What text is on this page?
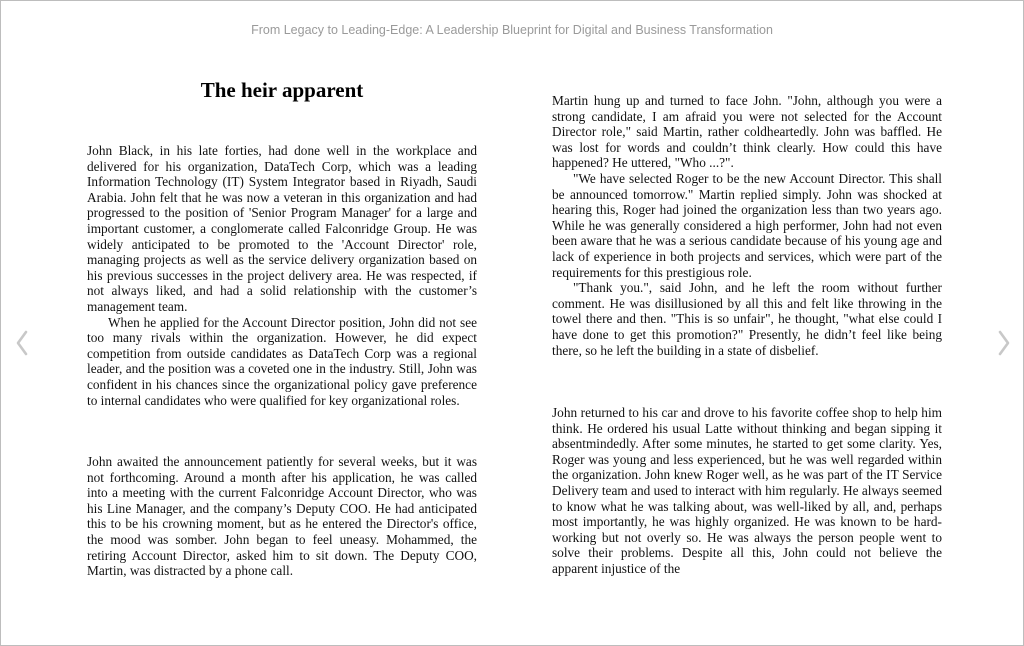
From Legacy to Leading-Edge: A Leadership Blueprint for Digital and Business Transformation
The heir apparent

John Black, in his late forties, had done well in the workplace and delivered for his organization, DataTech Corp, which was a leading Information Technology (IT) System Integrator based in Riyadh, Saudi Arabia. John felt that he was now a veteran in this organization and had progressed to the position of 'Senior Program Manager' for a large and important customer, a conglomerate called Falconridge Group. He was widely anticipated to be promoted to the 'Account Director' role, managing projects as well as the service delivery organization based on his previous successes in the project delivery area. He was respected, if not always liked, and had a solid relationship with the customer’s management team.

When he applied for the Account Director position, John did not see too many rivals within the organization. However, he did expect competition from outside candidates as DataTech Corp was a regional leader, and the position was a coveted one in the industry. Still, John was confident in his chances since the organizational policy gave preference to internal candidates who were qualified for key organizational roles.

John awaited the announcement patiently for several weeks, but it was not forthcoming. Around a month after his application, he was called into a meeting with the current Falconridge Account Director, who was his Line Manager, and the company’s Deputy COO. He had anticipated this to be his crowning moment, but as he entered the Director's office, the mood was somber. John began to feel uneasy. Mohammed, the retiring Account Director, asked him to sit down. The Deputy COO, Martin, was distracted by a phone call.

Martin hung up and turned to face John. "John, although you were a strong candidate, I am afraid you were not selected for the Account Director role," said Martin, rather coldheartedly. John was baffled. He was lost for words and couldn’t think clearly. How could this have happened? He uttered, "Who ...?".

"We have selected Roger to be the new Account Director. This shall be announced tomorrow." Martin replied simply. John was shocked at hearing this, Roger had joined the organization less than two years ago. While he was generally considered a high performer, John had not even been aware that he was a serious candidate because of his young age and lack of experience in both projects and services, which were part of the requirements for this prestigious role.

"Thank you.", said John, and he left the room without further comment. He was disillusioned by all this and felt like throwing in the towel there and then. "This is so unfair", he thought, "what else could I have done to get this promotion?" Presently, he didn’t feel like being there, so he left the building in a state of disbelief.

John returned to his car and drove to his favorite coffee shop to help him think. He ordered his usual Latte without thinking and began sipping it absentmindedly. After some minutes, he started to get some clarity. Yes, Roger was young and less experienced, but he was well regarded within the organization. John knew Roger well, as he was part of the IT Service Delivery team and used to interact with him regularly. He always seemed to know what he was talking about, was well-liked by all, and, perhaps most importantly, he was highly organized. He was known to be hard-working but not overly so. He was always the person people went to solve their problems. Despite all this, John could not believe the apparent injustice of the
